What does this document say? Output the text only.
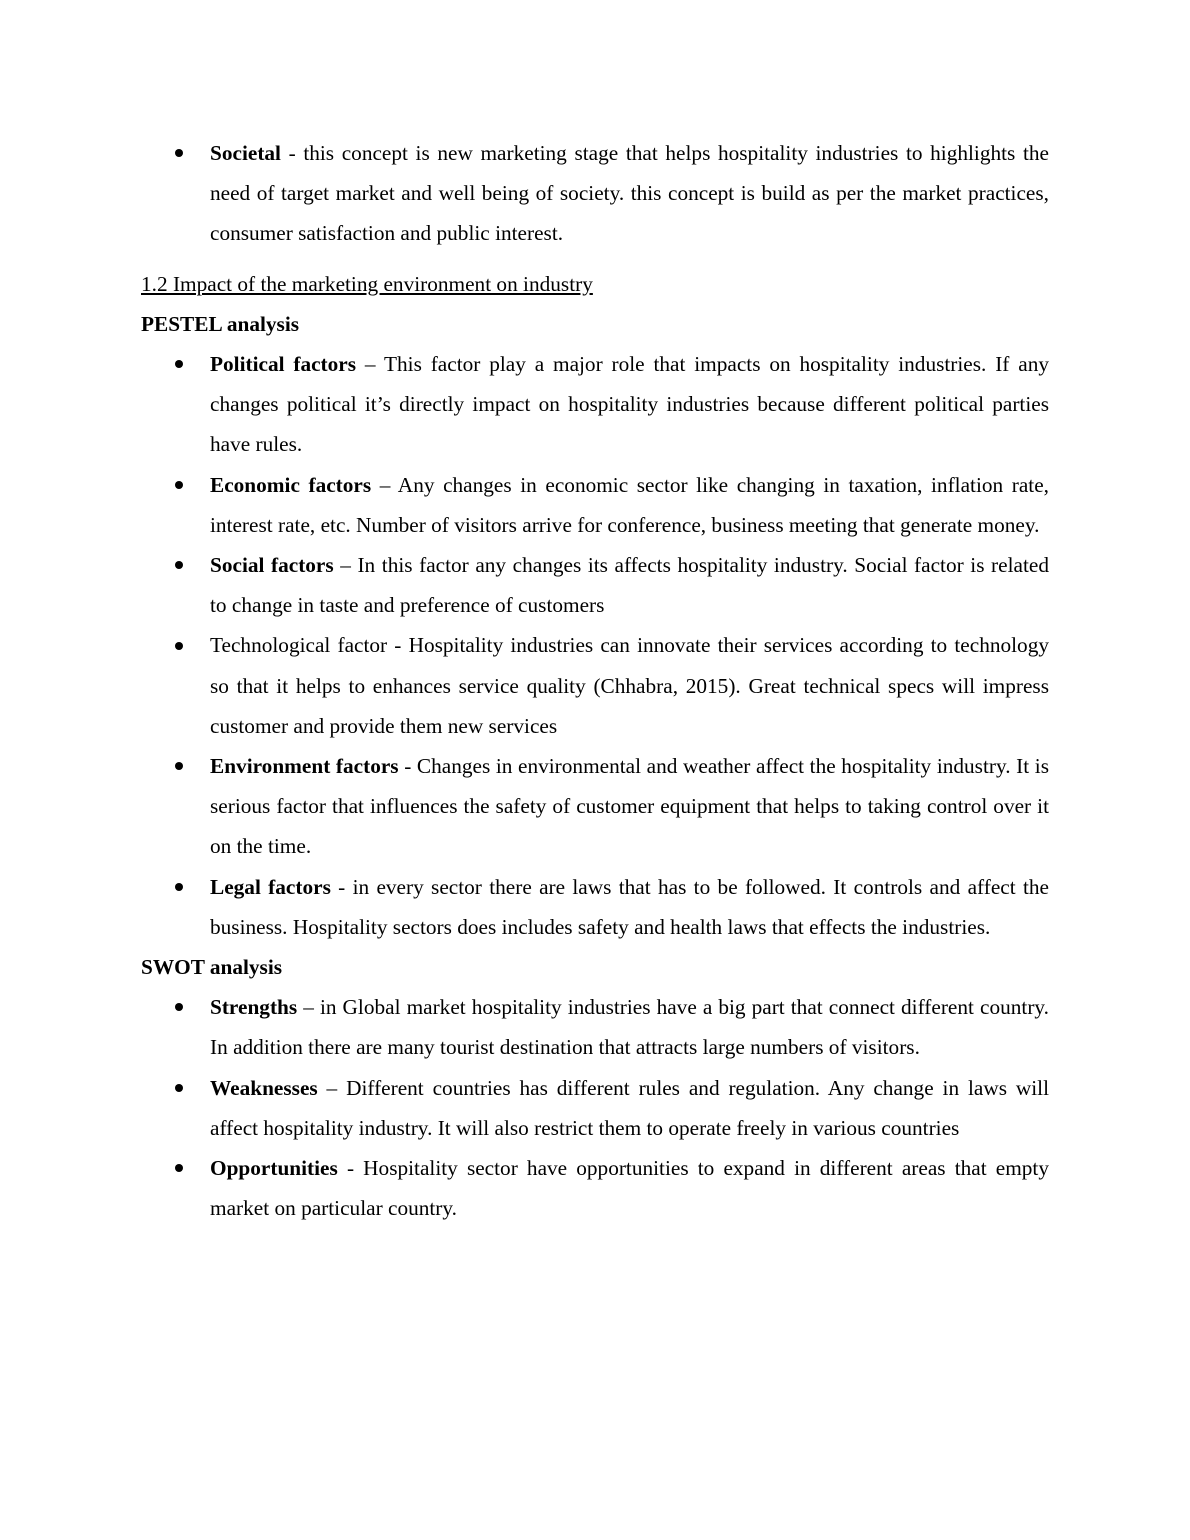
Societal - this concept is new marketing stage that helps hospitality industries to highlights the need of target market and well being of society. this concept is build as per the market practices, consumer satisfaction and public interest.
1.2 Impact of the marketing environment on industry
PESTEL analysis
Political factors – This factor play a major role that impacts on hospitality industries. If any changes political it’s directly impact on hospitality industries because different political parties have rules.
Economic factors – Any changes in economic sector like changing in taxation, inflation rate, interest rate, etc. Number of visitors arrive for conference, business meeting that generate money.
Social factors – In this factor any changes its affects hospitality industry. Social factor is related to change in taste and preference of customers
Technological factor - Hospitality industries can innovate their services according to technology so that it helps to enhances service quality (Chhabra, 2015). Great technical specs will impress customer and provide them new services
Environment factors - Changes in environmental and weather affect the hospitality industry. It is serious factor that influences the safety of customer equipment that helps to taking control over it on the time.
Legal factors - in every sector there are laws that has to be followed. It controls and affect the business. Hospitality sectors does includes safety and health laws that effects the industries.
SWOT analysis
Strengths – in Global market hospitality industries have a big part that connect different country. In addition there are many tourist destination that attracts large numbers of visitors.
Weaknesses – Different countries has different rules and regulation. Any change in laws will affect hospitality industry. It will also restrict them to operate freely in various countries
Opportunities - Hospitality sector have opportunities to expand in different areas that empty market on particular country.
